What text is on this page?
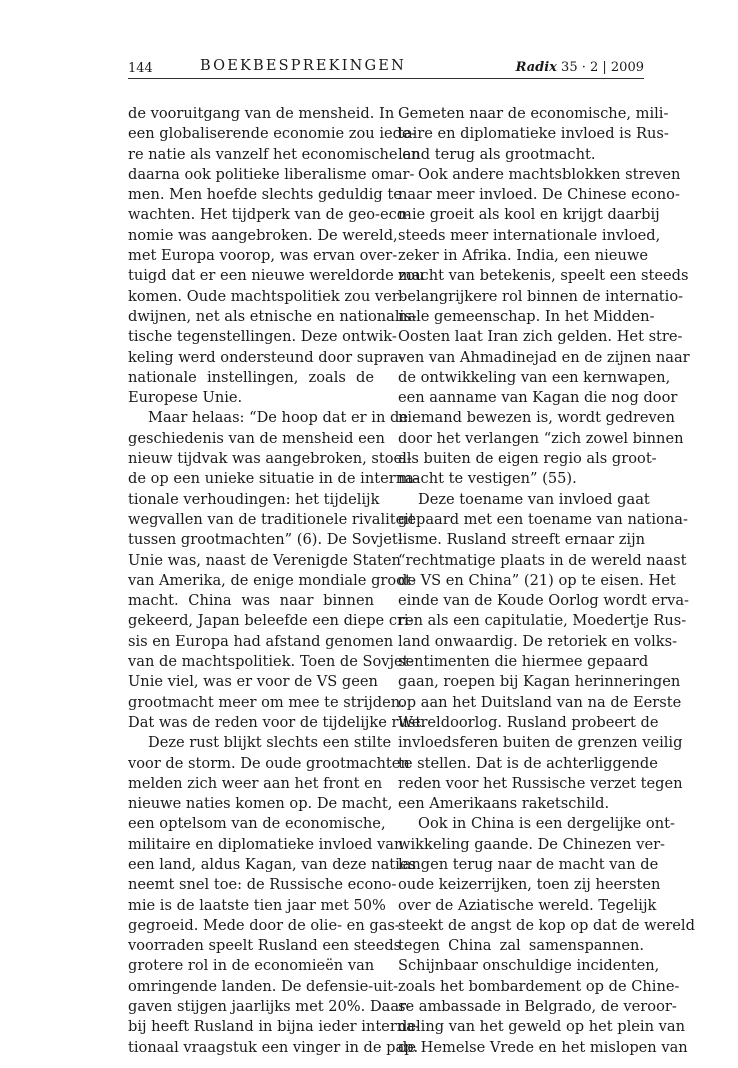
144	BOEKBESPREKINGEN	Radix 35 · 2 | 2009
de vooruitgang van de mensheid. In
een globaliserende economie zou iede-
re natie als vanzelf het economische en
daarna ook politieke liberalisme omar-
men. Men hoefde slechts geduldig te
wachten. Het tijdperk van de geo-eco-
nomie was aangebroken. De wereld,
met Europa voorop, was ervan over-
tuigd dat er een nieuwe wereldorde zou
komen. Oude machtspolitiek zou ver-
dwijnen, net als etnische en nationalis-
tische tegenstellingen. Deze ontwik-
keling werd ondersteund door supra-
nationale instellingen, zoals de
Europese Unie.
Maar helaas: “De hoop dat er in de
geschiedenis van de mensheid een
nieuw tijdvak was aangebroken, stoel-
de op een unieke situatie in de interna-
tionale verhoudingen: het tijdelijk
wegvallen van de traditionele rivaliteit
tussen grootmachten” (6). De Sovjet-
Unie was, naast de Verenigde Staten
van Amerika, de enige mondiale groot-
macht. China was naar binnen
gekeerd, Japan beleefde een diepe cri-
sis en Europa had afstand genomen
van de machtspolitiek. Toen de Sovjet-
Unie viel, was er voor de VS geen
grootmacht meer om mee te strijden.
Dat was de reden voor de tijdelijke rust.
Deze rust blijkt slechts een stilte
voor de storm. De oude grootmachten
melden zich weer aan het front en
nieuwe naties komen op. De macht,
een optelsom van de economische,
militaire en diplomatieke invloed van
een land, aldus Kagan, van deze naties
neemt snel toe: de Russische econo-
mie is de laatste tien jaar met 50%
gegroeid. Mede door de olie- en gas-
voorraden speelt Rusland een steeds
grotere rol in de economieën van
omringende landen. De defensie-uit-
gaven stijgen jaarlijks met 20%. Daar-
bij heeft Rusland in bijna ieder interna-
tionaal vraagstuk een vinger in de pap.
Gemeten naar de economische, mili-
taire en diplomatieke invloed is Rus-
land terug als grootmacht.
Ook andere machtsblokken streven
naar meer invloed. De Chinese econo-
mie groeit als kool en krijgt daarbij
steeds meer internationale invloed,
zeker in Afrika. India, een nieuwe
macht van betekenis, speelt een steeds
belangrijkere rol binnen de internatio-
nale gemeenschap. In het Midden-
Oosten laat Iran zich gelden. Het stre-
ven van Ahmadinejad en de zijnen naar
de ontwikkeling van een kernwapen,
een aanname van Kagan die nog door
niemand bewezen is, wordt gedreven
door het verlangen “zich zowel binnen
als buiten de eigen regio als groot-
macht te vestigen” (55).
Deze toename van invloed gaat
gepaard met een toename van nationa-
lisme. Rusland streeft ernaar zijn
“rechtmatige plaats in de wereld naast
de VS en China” (21) op te eisen. Het
einde van de Koude Oorlog wordt erva-
ren als een capitulatie, Moedertje Rus-
land onwaardig. De retoriek en volks-
sentimenten die hiermee gepaard
gaan, roepen bij Kagan herinneringen
op aan het Duitsland van na de Eerste
Wereldoorlog. Rusland probeert de
invloedsferen buiten de grenzen veilig
te stellen. Dat is de achterliggende
reden voor het Russische verzet tegen
een Amerikaans raketschild.
Ook in China is een dergelijke ont-
wikkeling gaande. De Chinezen ver-
langen terug naar de macht van de
oude keizerrijken, toen zij heersten
over de Aziatische wereld. Tegelijk
steekt de angst de kop op dat de wereld
tegen China zal samenspannen.
Schijnbaar onschuldige incidenten,
zoals het bombardement op de Chine-
se ambassade in Belgrado, de veroor-
deling van het geweld op het plein van
de Hemelse Vrede en het mislopen van
